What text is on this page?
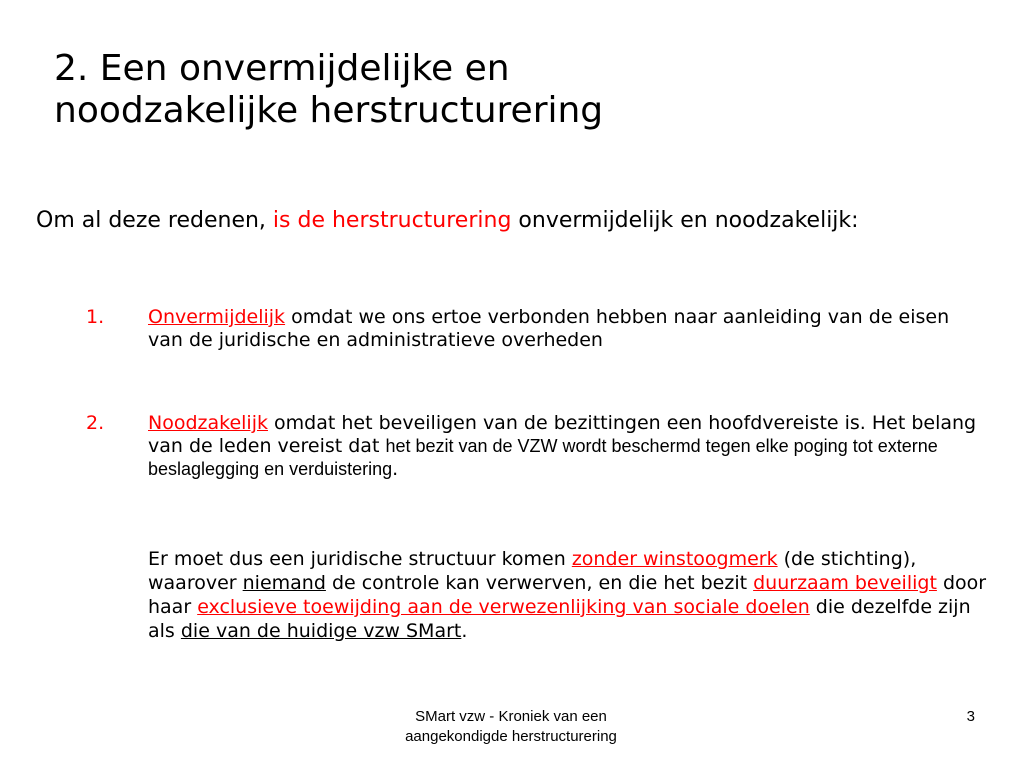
2. Een onvermijdelijke en
noodzakelijke herstructurering
Om al deze redenen, is de herstructurering onvermijdelijk en noodzakelijk:
1. Onvermijdelijk omdat we ons ertoe verbonden hebben naar aanleiding van de eisen van de juridische en administratieve overheden
2. Noodzakelijk omdat het beveiligen van de bezittingen een hoofdvereiste is. Het belang van de leden vereist dat het bezit van de VZW wordt beschermd tegen elke poging tot externe beslaglegging en verduistering.
Er moet dus een juridische structuur komen zonder winstoogmerk (de stichting), waarover niemand de controle kan verwerven, en die het bezit duurzaam beveiligt door haar exclusieve toewijding aan de verwezenlijking van sociale doelen die dezelfde zijn als die van de huidige vzw SMart.
SMart vzw - Kroniek van een
aangekondigde herstructurering
3
